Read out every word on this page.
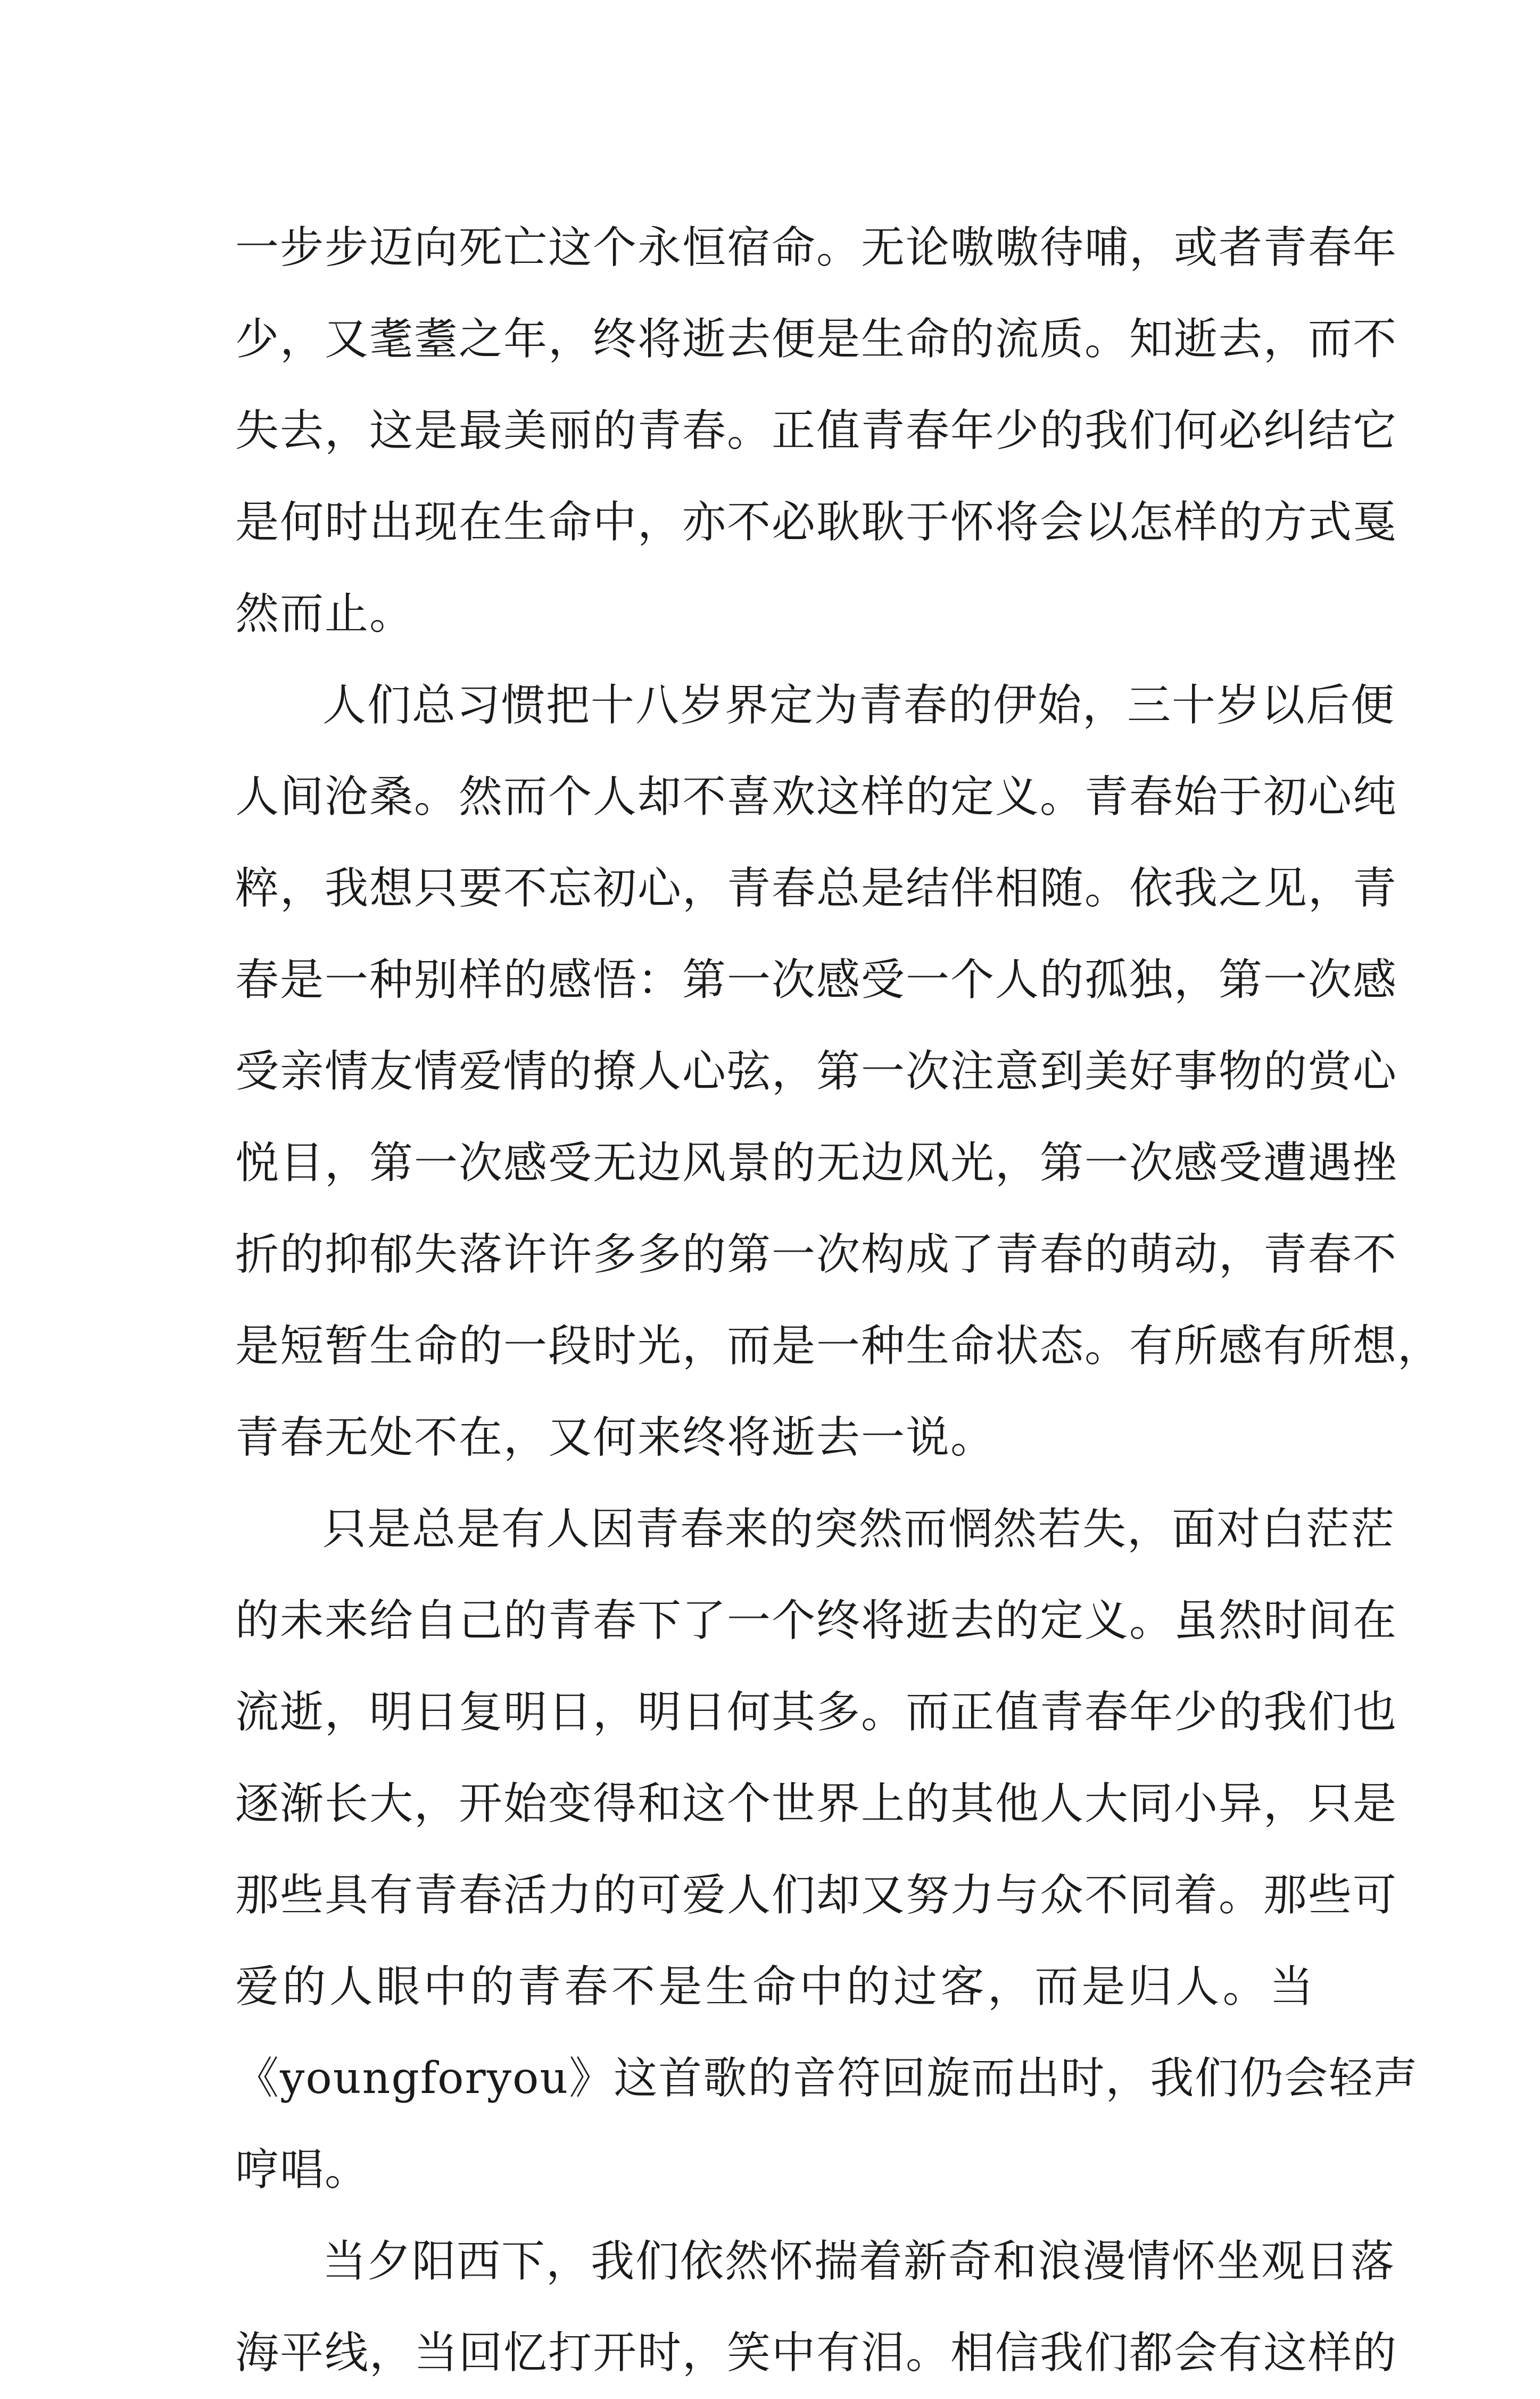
一步步迈向死亡这个永恒宿命。无论嗷嗷待哺，或者青春年
少，又耄耋之年，终将逝去便是生命的流质。知逝去，而不
失去，这是最美丽的青春。正值青春年少的我们何必纠结它
是何时出现在生命中，亦不必耿耿于怀将会以怎样的方式戛
然而止。
人们总习惯把十八岁界定为青春的伊始，三十岁以后便
人间沧桑。然而个人却不喜欢这样的定义。青春始于初心纯
粹，我想只要不忘初心，青春总是结伴相随。依我之见，青
春是一种别样的感悟：第一次感受一个人的孤独，第一次感
受亲情友情爱情的撩人心弦，第一次注意到美好事物的赏心
悦目，第一次感受无边风景的无边风光，第一次感受遭遇挫
折的抑郁失落许许多多的第一次构成了青春的萌动，青春不
是短暂生命的一段时光，而是一种生命状态。有所感有所想，
青春无处不在，又何来终将逝去一说。
只是总是有人因青春来的突然而惘然若失，面对白茫茫
的未来给自己的青春下了一个终将逝去的定义。虽然时间在
流逝，明日复明日，明日何其多。而正值青春年少的我们也
逐渐长大，开始变得和这个世界上的其他人大同小异，只是
那些具有青春活力的可爱人们却又努力与众不同着。那些可
爱的人眼中的青春不是生命中的过客，而是归人。当
《youngforyou》这首歌的音符回旋而出时，我们仍会轻声
哼唱。
当夕阳西下，我们依然怀揣着新奇和浪漫情怀坐观日落
海平线，当回忆打开时，笑中有泪。相信我们都会有这样的
